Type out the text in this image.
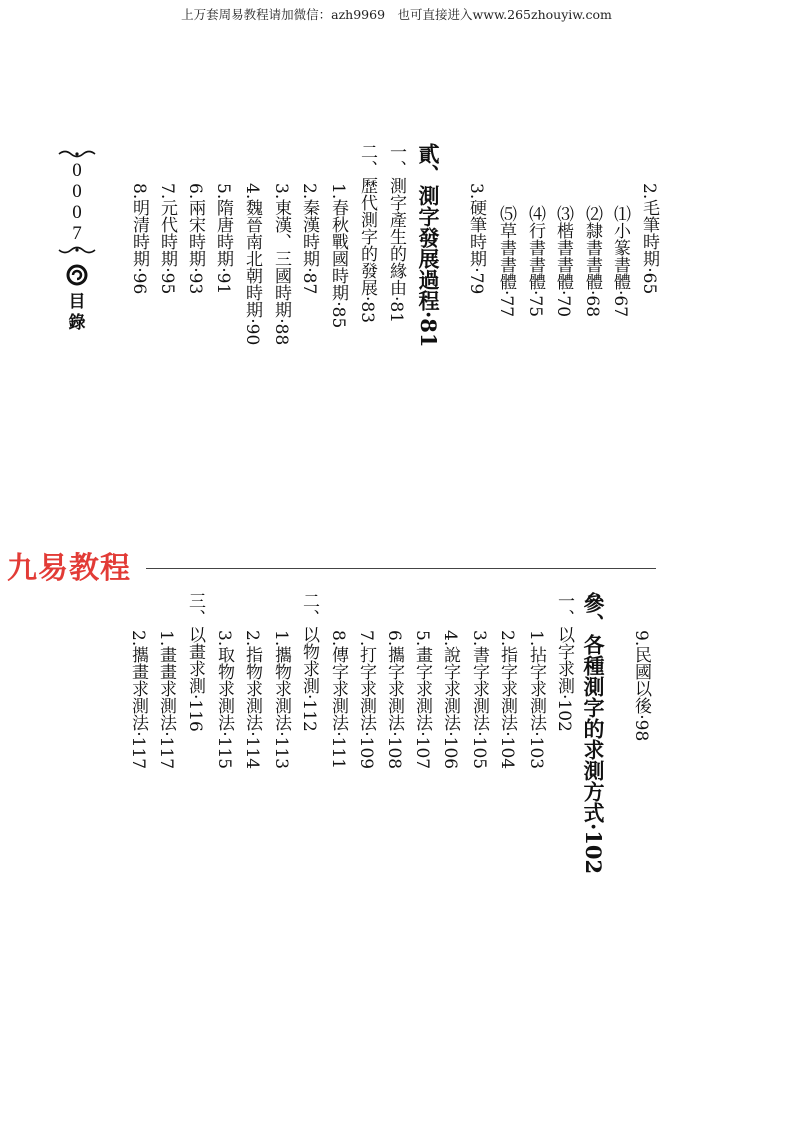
上万套周易教程请加微信：azh9969　也可直接进入www.265zhouyiw.com
0
0
0
7
目錄
2.毛筆時期·65
⑴小篆書體·67
⑵隸書書體·68
⑶楷書書體·70
⑷行書書體·75
⑸草書書體·77
3.硬筆時期·79
貳、測字發展過程·81
一、測字產生的緣由·81
二、歷代測字的發展·83
1.春秋戰國時期·85
2.秦漢時期·87
3.東漢、三國時期·88
4.魏晉南北朝時期·90
5.隋唐時期·91
6.兩宋時期·93
7.元代時期·95
8.明清時期·96
九易教程
9.民國以後·98
參、各種測字的求測方式·102
一、以字求測·102
1.拈字求測法·103
2.指字求測法·104
3.書字求測法·105
4.說字求測法·106
5.畫字求測法·107
6.攜字求測法·108
7.打字求測法·109
8.傳字求測法·111
二、以物求測·112
1.攜物求測法·113
2.指物求測法·114
3.取物求測法·115
三、以畫求測·116
1.畫畫求測法·117
2.攜畫求測法·117
